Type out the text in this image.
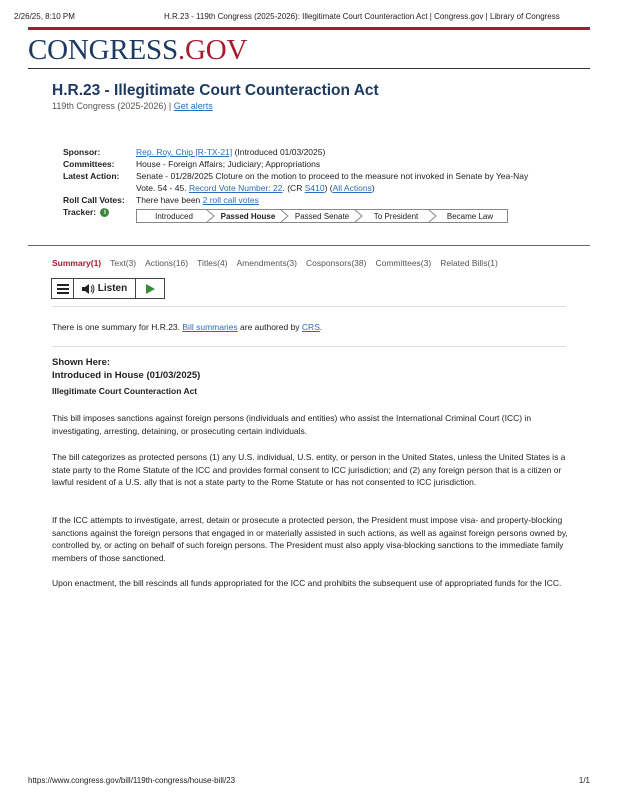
2/26/25, 8:10 PM	H.R.23 - 119th Congress (2025-2026): Illegitimate Court Counteraction Act | Congress.gov | Library of Congress
CONGRESS.GOV
H.R.23 - Illegitimate Court Counteraction Act
119th Congress (2025-2026) | Get alerts
Sponsor:	Rep. Roy, Chip [R-TX-21] (Introduced 01/03/2025)
Committees:	House - Foreign Affairs; Judiciary; Appropriations
Latest Action:	Senate - 01/28/2025 Cloture on the motion to proceed to the measure not invoked in Senate by Yea-Nay Vote. 54 - 45. Record Vote Number: 22. (CR S410) (All Actions)
Roll Call Votes:	There have been 2 roll call votes
Tracker: i	Introduced	Passed House Passed Senate	To President	Became Law
Summary(1) Text(3) Actions(16) Titles(4) Amendments(3) Cosponsors(38) Committees(3) Related Bills(1)
Listen
There is one summary for H.R.23. Bill summaries are authored by CRS.
Shown Here:
Introduced in House (01/03/2025)
Illegitimate Court Counteraction Act

This bill imposes sanctions against foreign persons (individuals and entities) who assist the International Criminal Court (ICC) in investigating, arresting, detaining, or prosecuting certain individuals.

The bill categorizes as protected persons (1) any U.S. individual, U.S. entity, or person in the United States, unless the United States is a state party to the Rome Statute of the ICC and provides formal consent to ICC jurisdiction; and (2) any foreign person that is a citizen or lawful resident of a U.S. ally that is not a state party to the Rome Statute or has not consented to ICC jurisdiction.

If the ICC attempts to investigate, arrest, detain or prosecute a protected person, the President must impose visa- and property-blocking sanctions against the foreign persons that engaged in or materially assisted in such actions, as well as against foreign persons owned by, controlled by, or acting on behalf of such foreign persons. The President must also apply visa-blocking sanctions to the immediate family members of those sanctioned.

Upon enactment, the bill rescinds all funds appropriated for the ICC and prohibits the subsequent use of appropriated funds for the ICC.

https://www.congress.gov/bill/119th-congress/house-bill/23	1/1
